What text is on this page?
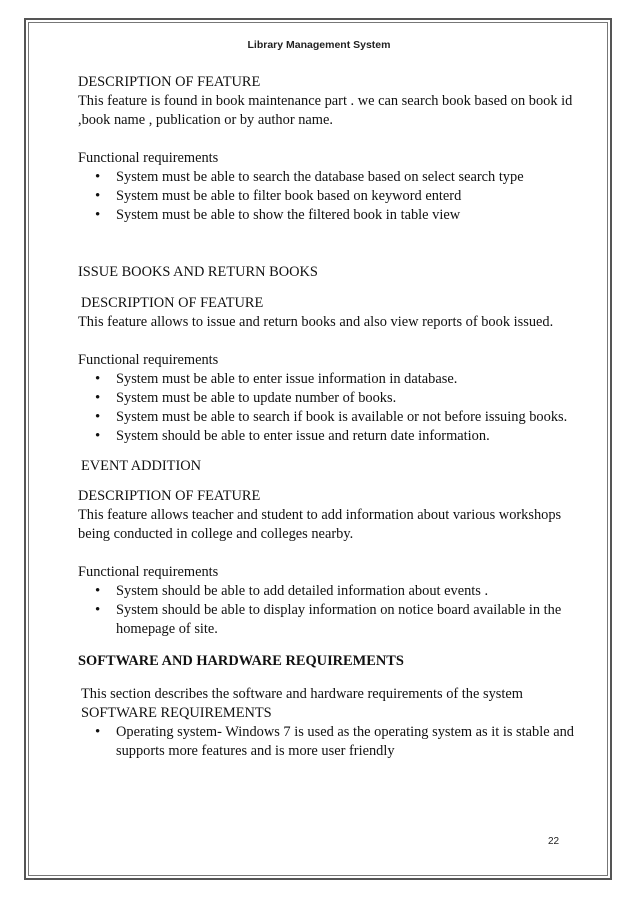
Library Management System

DESCRIPTION OF FEATURE

This feature is found in book maintenance part . we can search book based on book id ,book name , publication or by author name.

Functional requirements

• System must be able to search the database based on select search type
• System must be able to filter book based on keyword enterd
• System must be able to show the filtered book in table view

ISSUE BOOKS AND RETURN BOOKS

DESCRIPTION OF FEATURE

This feature allows to issue and return books and also view reports of book issued.

Functional requirements

• System must be able to enter issue information in database.
• System must be able to update number of books.
• System must be able to search if book is available or not before issuing books.
• System should be able to enter issue and return date information.

EVENT ADDITION

DESCRIPTION OF FEATURE

This feature allows teacher and student to add information about various workshops being conducted in college and colleges nearby.

Functional requirements

• System should be able to add detailed information about events .
• System should be able to display information on notice board available in the homepage of site.

SOFTWARE AND HARDWARE REQUIREMENTS

This section describes the software and hardware requirements of the system

SOFTWARE REQUIREMENTS

• Operating system- Windows 7 is used as the operating system as it is stable and supports more features and is more user friendly
22
